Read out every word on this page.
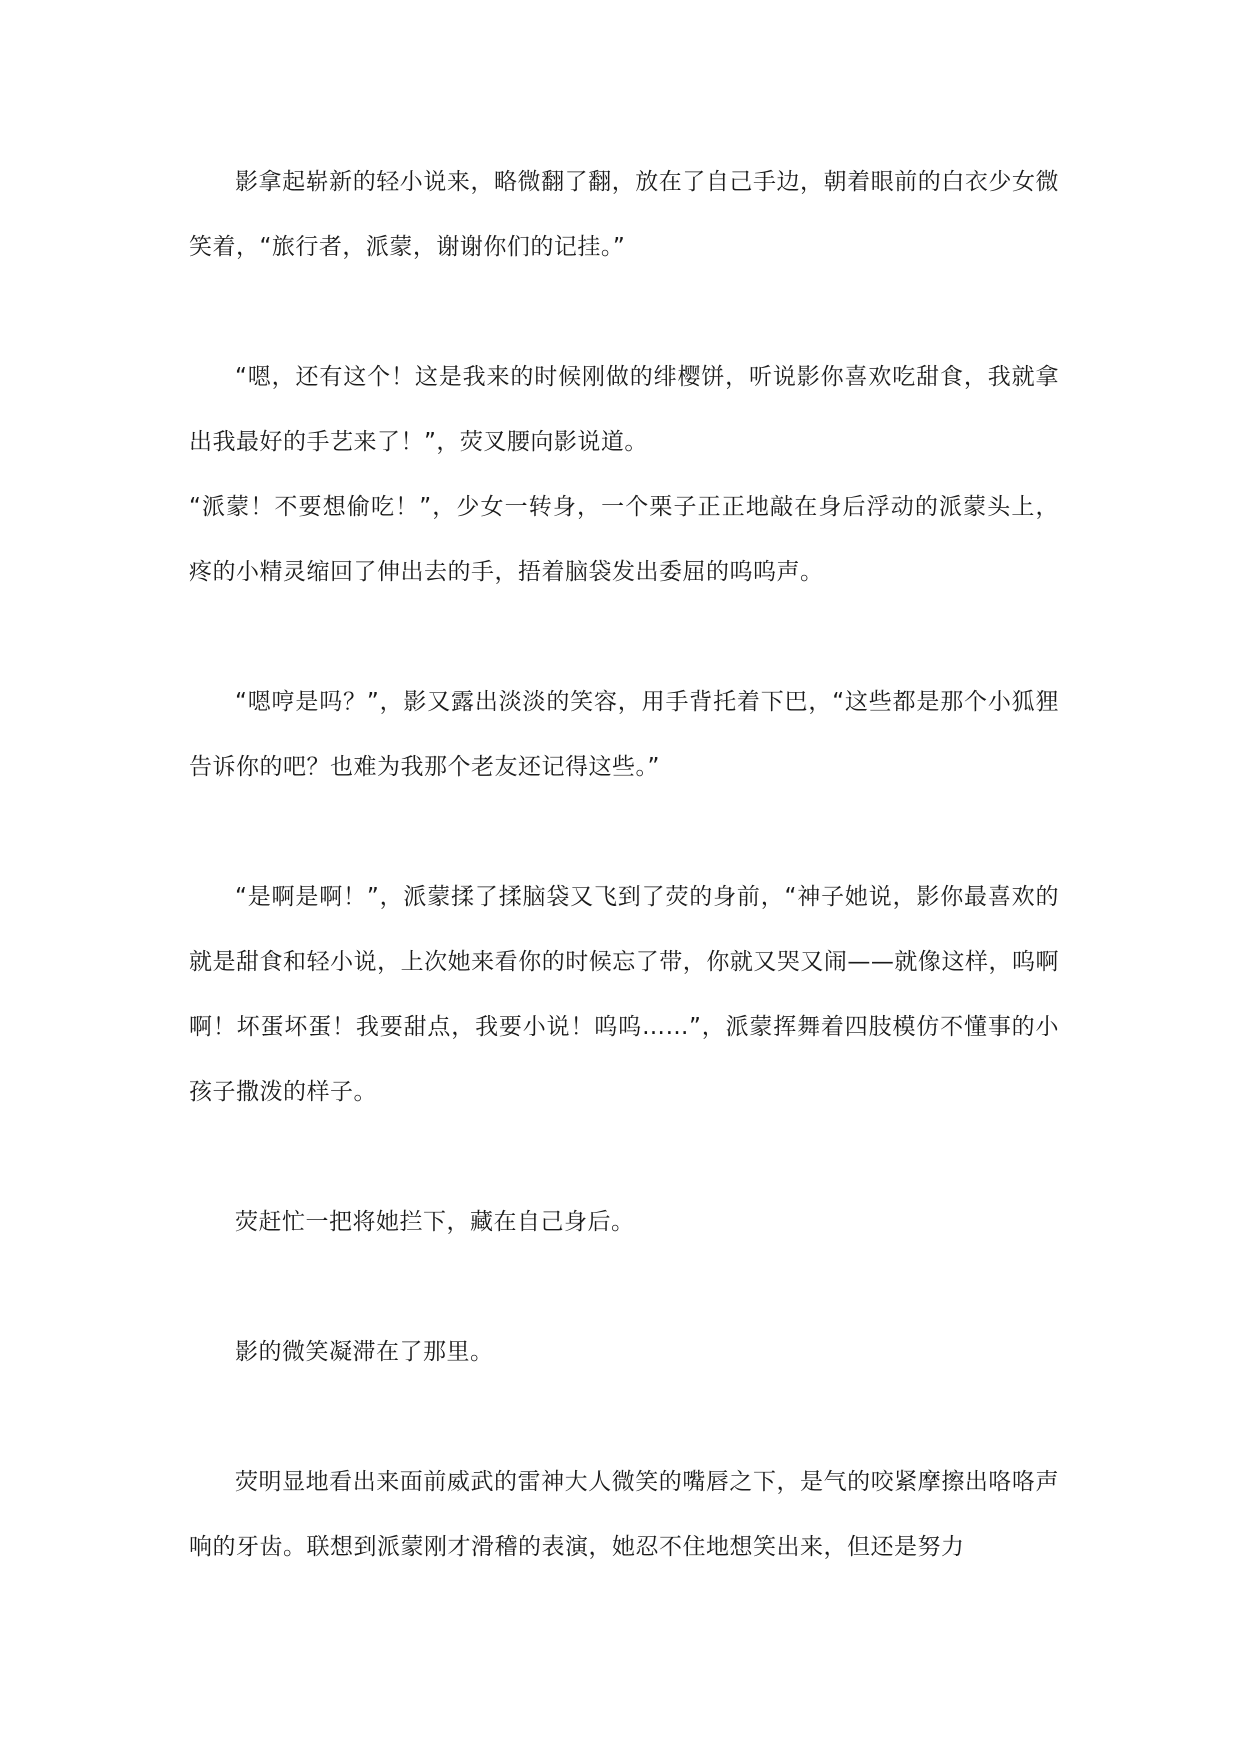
影拿起崭新的轻小说来，略微翻了翻，放在了自己手边，朝着眼前的白衣少女微笑着，“旅行者，派蒙，谢谢你们的记挂。”

“嗯，还有这个！这是我来的时候刚做的绯樱饼，听说影你喜欢吃甜食，我就拿出我最好的手艺来了！”，荧叉腰向影说道。

“派蒙！不要想偷吃！”，少女一转身，一个栗子正正地敲在身后浮动的派蒙头上，疼的小精灵缩回了伸出去的手，捂着脑袋发出委屈的呜呜声。

“嗯哼是吗？”，影又露出淡淡的笑容，用手背托着下巴，“这些都是那个小狐狸告诉你的吧？也难为我那个老友还记得这些。”

“是啊是啊！”，派蒙揉了揉脑袋又飞到了荧的身前，“神子她说，影你最喜欢的就是甜食和轻小说，上次她来看你的时候忘了带，你就又哭又闹——就像这样，呜啊啊！坏蛋坏蛋！我要甜点，我要小说！呜呜……”，派蒙挥舞着四肢模仿不懂事的小孩子撒泼的样子。

荧赶忙一把将她拦下，藏在自己身后。

影的微笑凝滞在了那里。

荧明显地看出来面前威武的雷神大人微笑的嘴唇之下，是气的咬紧摩擦出咯咯声响的牙齿。联想到派蒙刚才滑稽的表演，她忍不住地想笑出来，但还是努力
